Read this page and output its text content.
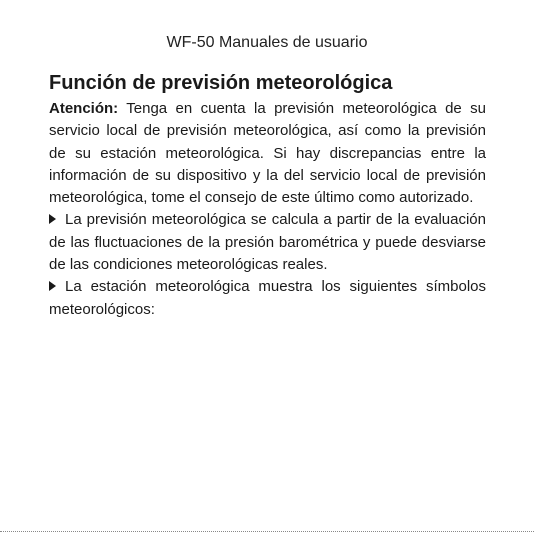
WF-50 Manuales de usuario
Función de previsión meteorológica

Atención: Tenga en cuenta la previsión meteorológica de su servicio local de previsión meteorológica, así como la previsión de su estación meteorológica. Si hay discrepancias entre la información de su dispositivo y la del servicio local de previsión meteorológica, tome el consejo de este último como autorizado.

La previsión meteorológica se calcula a partir de la evaluación de las fluctuaciones de la presión barométrica y puede desviarse de las condiciones meteorológicas reales.

La estación meteorológica muestra los siguientes símbolos meteorológicos:
